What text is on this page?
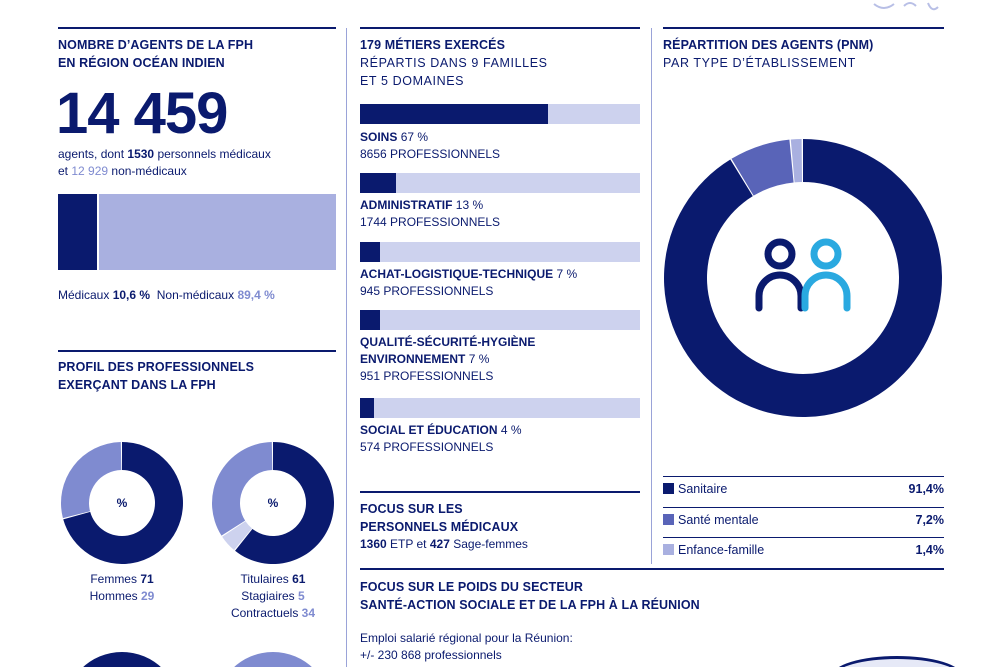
NOMBRE D’AGENTS DE LA FPH
EN RÉGION OCÉAN INDIEN
14 459
agents, dont 1530 personnels médicaux
et 12 929 non-médicaux
Médicaux 10,6 % Non-médicaux 89,4 %
PROFIL DES PROFESSIONNELS
EXERÇANT DANS LA FPH
%
Femmes 71
Hommes 29
%
Titulaires 61
Stagiaires 5
Contractuels 34
179 MÉTIERS EXERCÉS
RÉPARTIS DANS 9 FAMILLES
ET 5 DOMAINES
SOINS 67 %
8656 PROFESSIONNELS
ADMINISTRATIF 13 %
1744 PROFESSIONNELS
ACHAT-LOGISTIQUE-TECHNIQUE 7 %
945 PROFESSIONNELS
QUALITÉ-SÉCURITÉ-HYGIÈNE
ENVIRONNEMENT 7 %
951 PROFESSIONNELS
SOCIAL ET ÉDUCATION 4 %
574 PROFESSIONNELS
FOCUS SUR LES
PERSONNELS MÉDICAUX
1360 ETP et 427 Sage-femmes
RÉPARTITION DES AGENTS (PNM)
PAR TYPE D’ÉTABLISSEMENT
Sanitaire	91,4%
Santé mentale	7,2%
Enfance-famille	1,4%
FOCUS SUR LE POIDS DU SECTEUR
SANTÉ-ACTION SOCIALE ET DE LA FPH À LA RÉUNION
Emploi salarié régional pour la Réunion:
+/- 230 868 professionnels
